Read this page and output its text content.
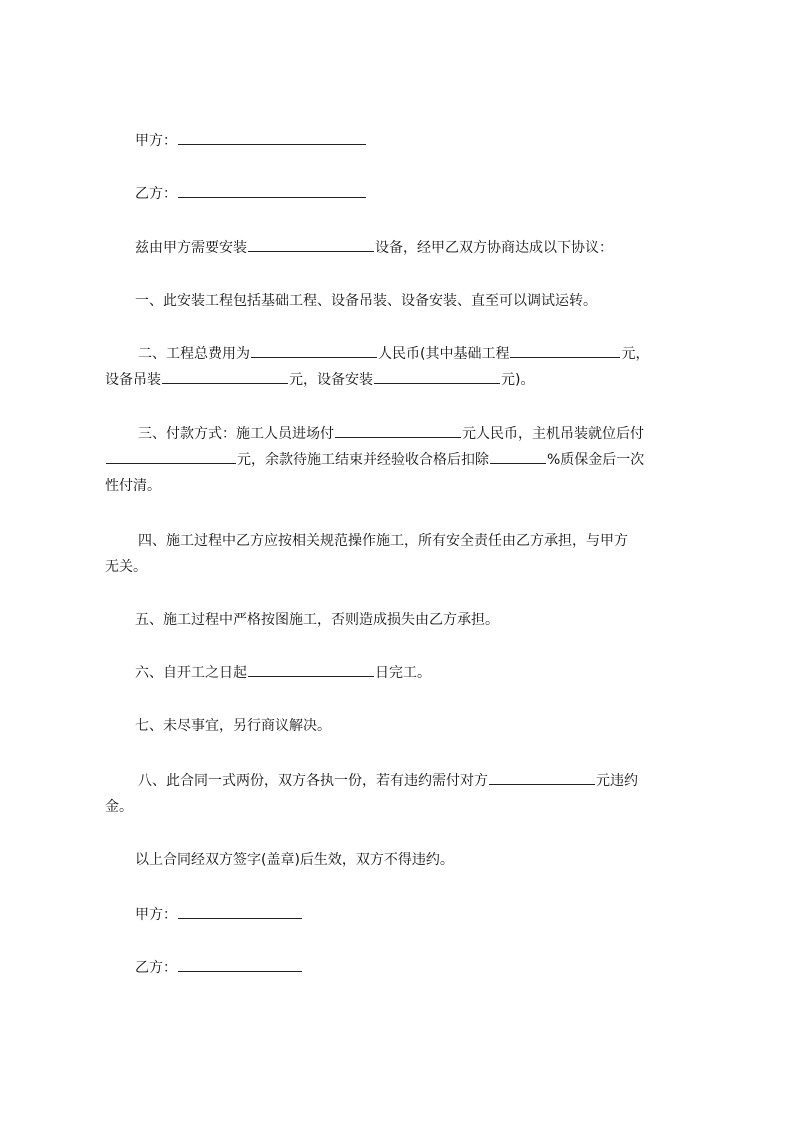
甲方：
乙方：
兹由甲方需要安装	设备，经甲乙双方协商达成以下协议：
一、此安装工程包括基础工程、设备吊装、设备安装、直至可以调试运转。
二、工程总费用为	人民币(其中基础工程	元，
设备吊装	元，设备安装	元)。
三、付款方式：施工人员进场付	元人民币，主机吊装就位后付
元，余款待施工结束并经验收合格后扣除	%质保金后一次
性付清。
四、施工过程中乙方应按相关规范操作施工，所有安全责任由乙方承担，与甲方
无关。
五、施工过程中严格按图施工，否则造成损失由乙方承担。
六、自开工之日起	日完工。
七、未尽事宜，另行商议解决。
八、此合同一式两份，双方各执一份，若有违约需付对方	元违约
金。
以上合同经双方签字(盖章)后生效，双方不得违约。
甲方：
乙方：
